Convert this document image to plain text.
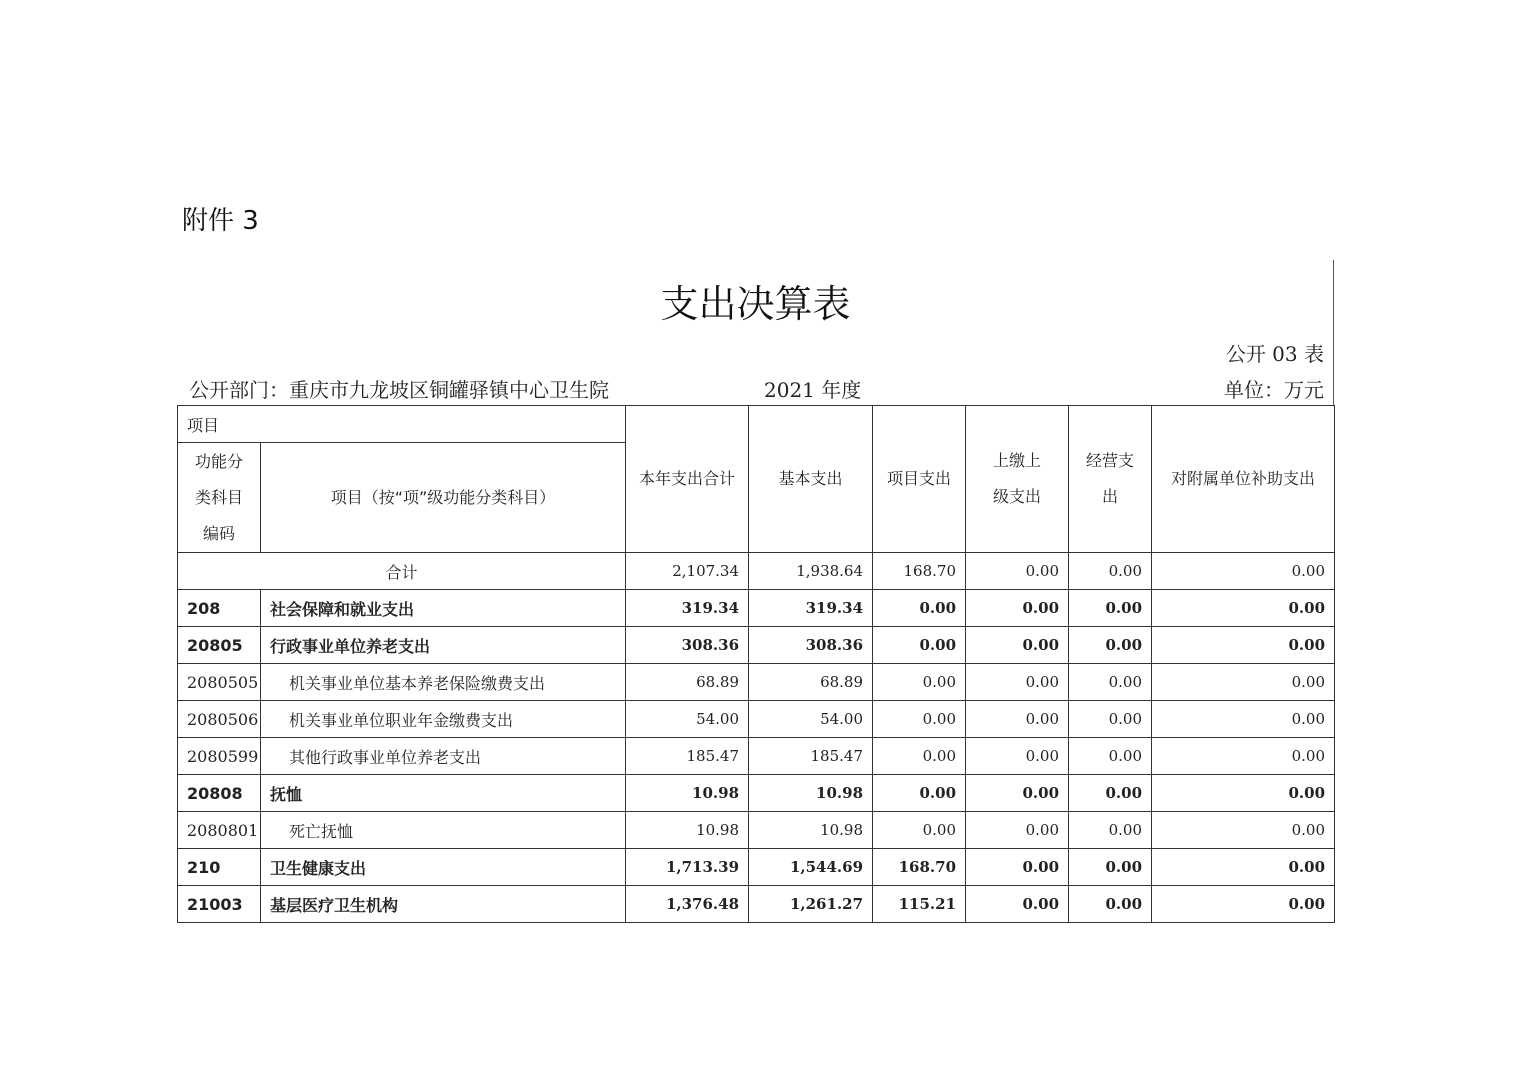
附件 3
支出决算表
公开 03 表
公开部门：重庆市九龙坡区铜罐驿镇中心卫生院	2021 年度	单位：万元
项目		本年支出合计	基本支出	项目支出	上缴上级支出	经营支出	对附属单位补助支出
功能分类科目编码	项目（按“项”级功能分类科目）						
合计		2,107.34	1,938.64	168.70	0.00	0.00	0.00
208	社会保障和就业支出	319.34	319.34	0.00	0.00	0.00	0.00
20805	行政事业单位养老支出	308.36	308.36	0.00	0.00	0.00	0.00
2080505	机关事业单位基本养老保险缴费支出	68.89	68.89	0.00	0.00	0.00	0.00
2080506	机关事业单位职业年金缴费支出	54.00	54.00	0.00	0.00	0.00	0.00
2080599	其他行政事业单位养老支出	185.47	185.47	0.00	0.00	0.00	0.00
20808	抚恤	10.98	10.98	0.00	0.00	0.00	0.00
2080801	死亡抚恤	10.98	10.98	0.00	0.00	0.00	0.00
210	卫生健康支出	1,713.39	1,544.69	168.70	0.00	0.00	0.00
21003	基层医疗卫生机构	1,376.48	1,261.27	115.21	0.00	0.00	0.00
